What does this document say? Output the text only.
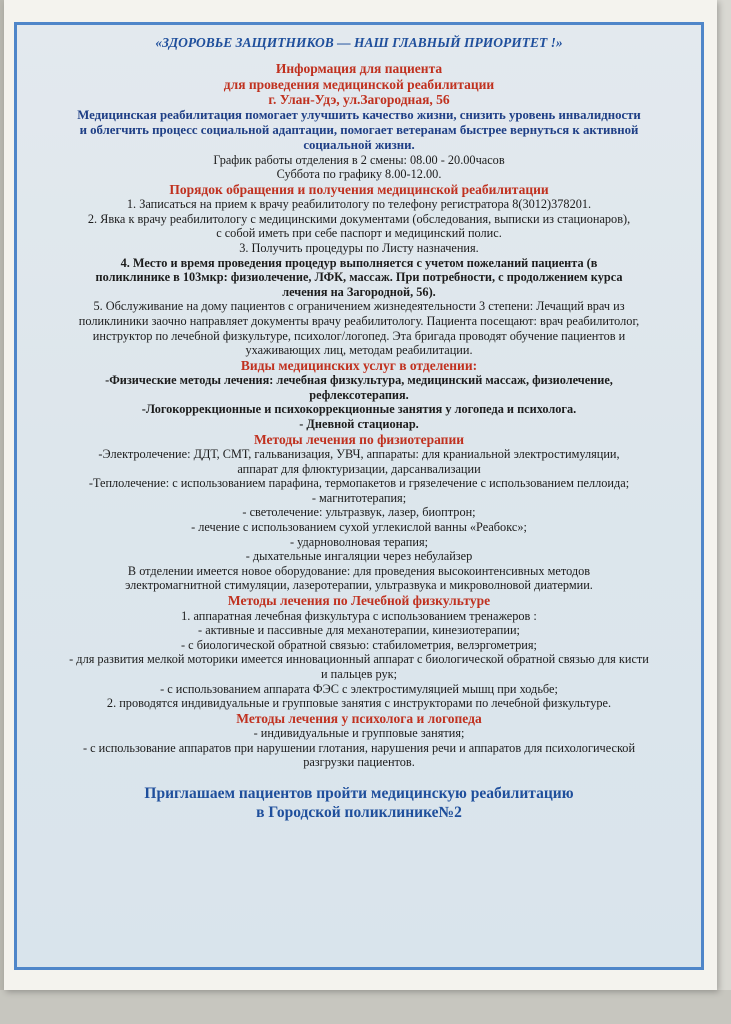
«ЗДОРОВЬЕ ЗАЩИТНИКОВ — НАШ ГЛАВНЫЙ ПРИОРИТЕТ !»

Информация для пациента

для проведения медицинской реабилитации

г. Улан-Удэ, ул.Загородная, 56

Медицинская реабилитация помогает улучшить качество жизни, снизить уровень инвалидности

и облегчить процесс социальной адаптации, помогает ветеранам быстрее вернуться к активной

социальной жизни.

График работы отделения в 2 смены: 08.00 - 20.00часов

Суббота по графику 8.00-12.00.

Порядок обращения и получения медицинской реабилитации

1. Записаться на прием к врачу реабилитологу по телефону регистратора 8(3012)378201.

2. Явка к врачу реабилитологу с медицинскими документами (обследования, выписки из стационаров),

с собой иметь при себе паспорт и медицинский полис.

3. Получить процедуры по Листу назначения.

4. Место и время проведения процедур выполняется с учетом пожеланий пациента (в

поликлинике в 103мкр: физиолечение, ЛФК, массаж. При потребности, с продолжением курса

лечения на Загородной, 56).

5. Обслуживание на дому пациентов с ограничением жизнедеятельности 3 степени: Лечащий врач из

поликлиники заочно направляет документы врачу реабилитологу. Пациента посещают: врач реабилитолог,

инструктор по лечебной физкультуре, психолог/логопед. Эта бригада проводят обучение пациентов и

ухаживающих лиц, методам реабилитации.

Виды медицинских услуг в отделении:

-Физические методы лечения: лечебная физкультура, медицинский массаж, физиолечение,

рефлексотерапия.

-Логокоррекционные и психокоррекционные занятия у логопеда и психолога.

- Дневной стационар.

Методы лечения по физиотерапии

-Электролечение: ДДТ, СМТ, гальванизация, УВЧ, аппараты: для краниальной электростимуляции,

аппарат для флюктуризации, дарсанвализации

-Теплолечение: с использованием парафина, термопакетов и грязелечение с использованием пеллоида;

- магнитотерапия;

- светолечение: ультразвук, лазер, биоптрон;

- лечение с использованием сухой углекислой ванны «Реабокс»;

- ударноволновая терапия;

- дыхательные ингаляции через небулайзер

В отделении имеется новое оборудование: для проведения высокоинтенсивных методов

электромагнитной стимуляции, лазеротерапии, ультразвука и микроволновой диатермии.

Методы лечения по Лечебной физкультуре

1. аппаратная лечебная физкультура с использованием тренажеров :

- активные и пассивные для механотерапии, кинезиотерапии;

- с биологической обратной связью: стабилометрия, велэргометрия;

- для развития мелкой моторики имеется инновационный аппарат с биологической обратной связью для кисти

и пальцев рук;

- с использованием аппарата ФЭС с электростимуляцией мышц при ходьбе;

2. проводятся индивидуальные и групповые занятия с инструкторами по лечебной физкультуре.

Методы лечения у психолога и логопеда

- индивидуальные и групповые занятия;

- с использование аппаратов при нарушении глотания, нарушения речи и аппаратов для психологической

разгрузки пациентов.

Приглашаем пациентов пройти медицинскую реабилитацию

в Городской поликлинике№2
